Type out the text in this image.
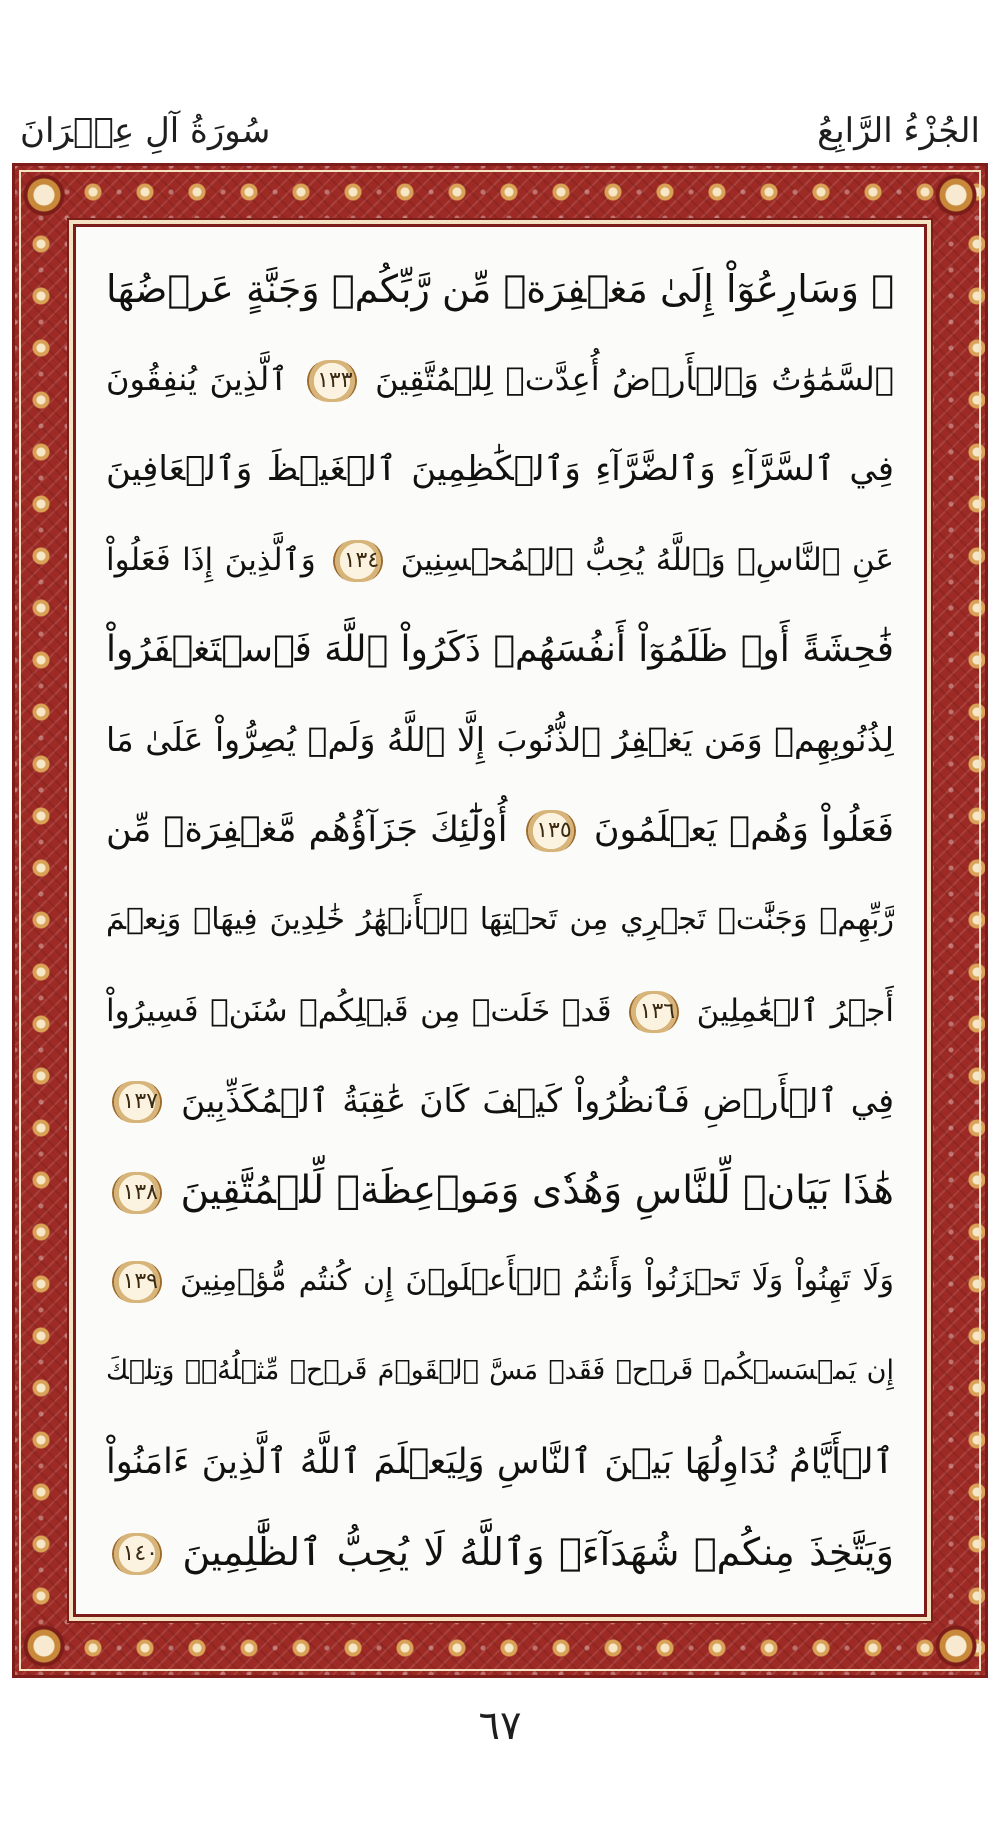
الجُزْءُ الرَّابِعُ
سُورَةُ آلِ عِمۡرَانَ
۞ وَسَارِعُوٓاْ إِلَىٰ مَغۡفِرَةٖ مِّن رَّبِّكُمۡ وَجَنَّةٍ عَرۡضُهَا
ٱلسَّمَٰوَٰتُ وَٱلۡأَرۡضُ أُعِدَّتۡ لِلۡمُتَّقِينَ ١٣٣ ٱلَّذِينَ يُنفِقُونَ
فِي ٱلسَّرَّآءِ وَٱلضَّرَّآءِ وَٱلۡكَٰظِمِينَ ٱلۡغَيۡظَ وَٱلۡعَافِينَ
عَنِ ٱلنَّاسِۗ وَٱللَّهُ يُحِبُّ ٱلۡمُحۡسِنِينَ ١٣٤ وَٱلَّذِينَ إِذَا فَعَلُواْ
فَٰحِشَةً أَوۡ ظَلَمُوٓاْ أَنفُسَهُمۡ ذَكَرُواْ ٱللَّهَ فَٱسۡتَغۡفَرُواْ
لِذُنُوبِهِمۡ وَمَن يَغۡفِرُ ٱلذُّنُوبَ إِلَّا ٱللَّهُ وَلَمۡ يُصِرُّواْ عَلَىٰ مَا
فَعَلُواْ وَهُمۡ يَعۡلَمُونَ ١٣٥ أُوْلَٰٓئِكَ جَزَآؤُهُم مَّغۡفِرَةٞ مِّن
رَّبِّهِمۡ وَجَنَّٰتٞ تَجۡرِي مِن تَحۡتِهَا ٱلۡأَنۡهَٰرُ خَٰلِدِينَ فِيهَاۚ وَنِعۡمَ
أَجۡرُ ٱلۡعَٰمِلِينَ ١٣٦ قَدۡ خَلَتۡ مِن قَبۡلِكُمۡ سُنَنٞ فَسِيرُواْ
فِي ٱلۡأَرۡضِ فَٱنظُرُواْ كَيۡفَ كَانَ عَٰقِبَةُ ٱلۡمُكَذِّبِينَ ١٣٧
هَٰذَا بَيَانٞ لِّلنَّاسِ وَهُدٗى وَمَوۡعِظَةٞ لِّلۡمُتَّقِينَ ١٣٨
وَلَا تَهِنُواْ وَلَا تَحۡزَنُواْ وَأَنتُمُ ٱلۡأَعۡلَوۡنَ إِن كُنتُم مُّؤۡمِنِينَ ١٣٩
إِن يَمۡسَسۡكُمۡ قَرۡحٞ فَقَدۡ مَسَّ ٱلۡقَوۡمَ قَرۡحٞ مِّثۡلُهُۥۚ وَتِلۡكَ
ٱلۡأَيَّامُ نُدَاوِلُهَا بَيۡنَ ٱلنَّاسِ وَلِيَعۡلَمَ ٱللَّهُ ٱلَّذِينَ ءَامَنُواْ
وَيَتَّخِذَ مِنكُمۡ شُهَدَآءَۗ وَٱللَّهُ لَا يُحِبُّ ٱلظَّٰلِمِينَ ١٤٠
٦٧
